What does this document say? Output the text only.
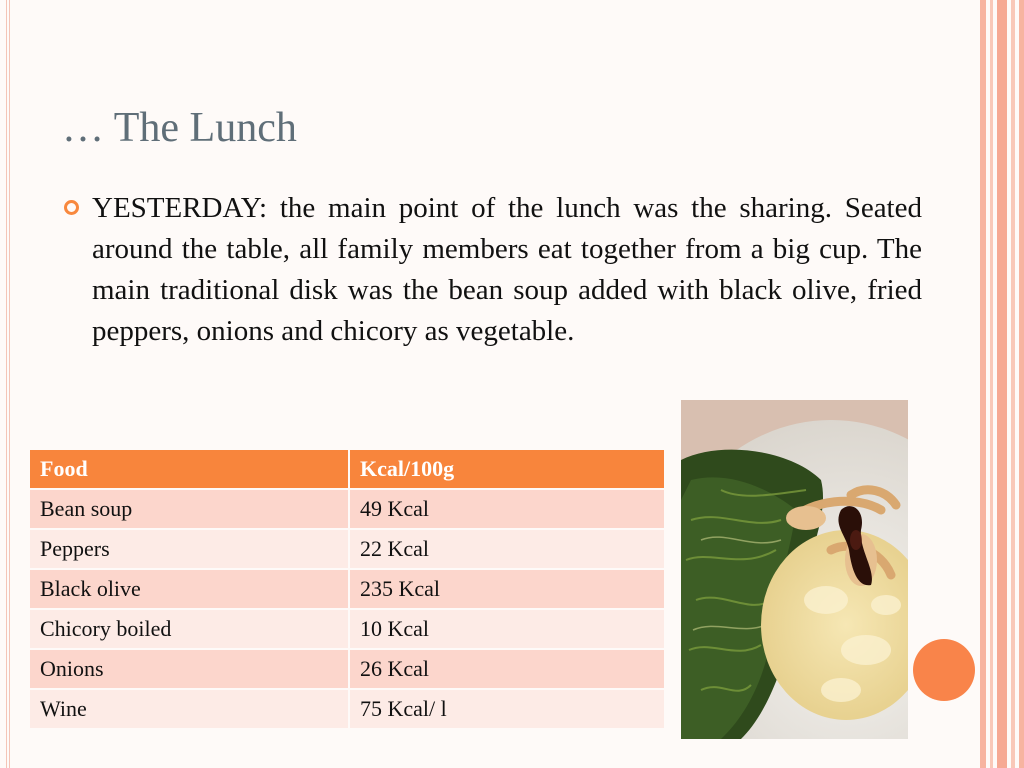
… The Lunch
YESTERDAY: the main point of the lunch was the sharing. Seated around the table, all family members eat together from a big cup. The main traditional disk was the bean soup added with black olive, fried peppers, onions and chicory as vegetable.
Food	Kcal/100g
Bean soup	49 Kcal
Peppers	22 Kcal
Black olive	235 Kcal
Chicory boiled	10 Kcal
Onions	26 Kcal
Wine	75 Kcal/ l
